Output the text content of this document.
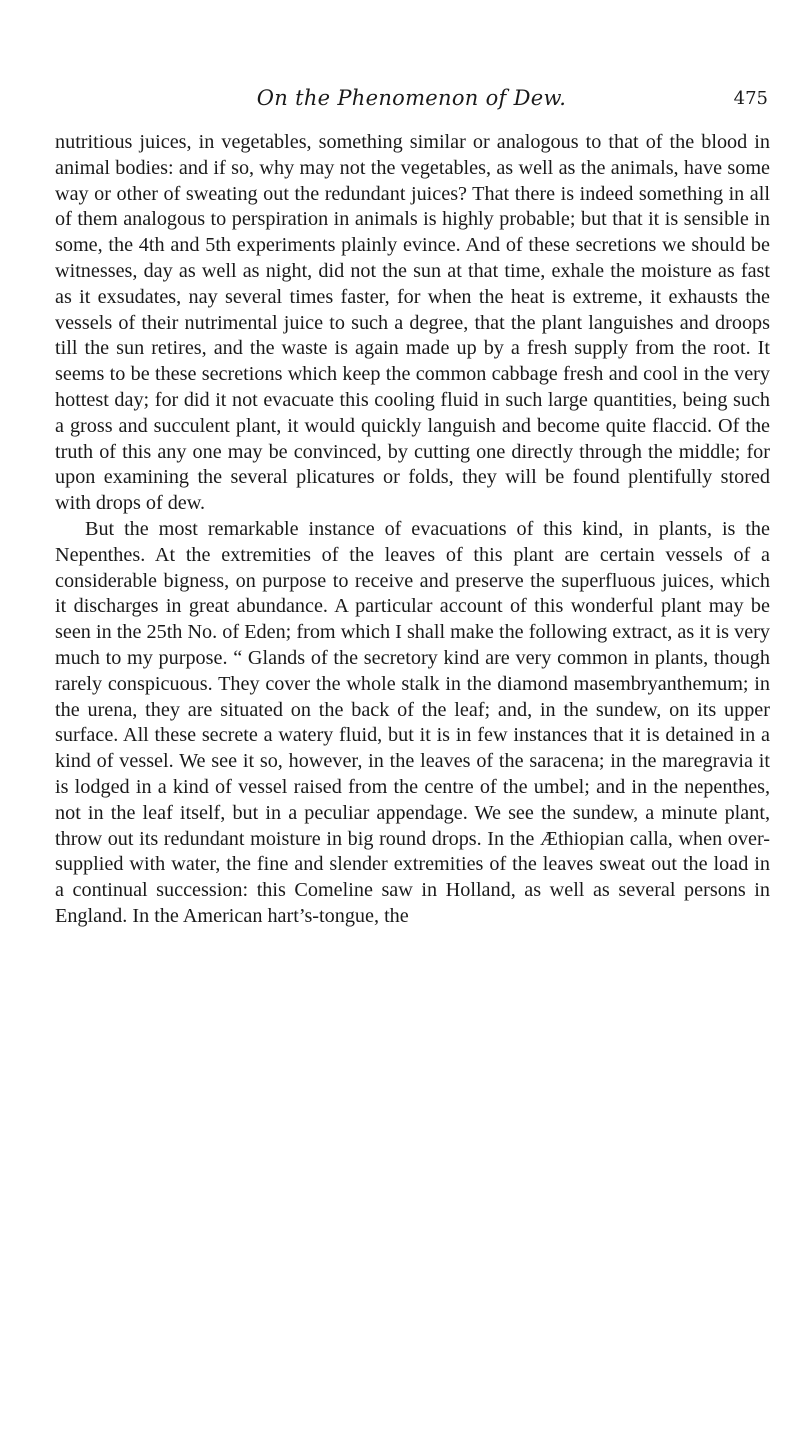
On the Phenomenon of Dew.	475

nutritious juices, in vegetables, something similar or analogous to that of the blood in animal bodies: and if so, why may not the vegetables, as well as the animals, have some way or other of sweating out the redundant juices? That there is indeed something in all of them analogous to perspiration in animals is highly probable; but that it is sensible in some, the 4th and 5th experiments plainly evince. And of these secretions we should be witnesses, day as well as night, did not the sun at that time, exhale the moisture as fast as it exsudates, nay several times faster, for when the heat is extreme, it exhausts the vessels of their nutrimental juice to such a degree, that the plant languishes and droops till the sun retires, and the waste is again made up by a fresh supply from the root. It seems to be these secretions which keep the common cabbage fresh and cool in the very hottest day; for did it not evacuate this cooling fluid in such large quantities, being such a gross and succulent plant, it would quickly languish and become quite flaccid. Of the truth of this any one may be convinced, by cutting one directly through the middle; for upon examining the several plicatures or folds, they will be found plentifully stored with drops of dew.

But the most remarkable instance of evacuations of this kind, in plants, is the Nepenthes. At the extremities of the leaves of this plant are certain vessels of a considerable bigness, on purpose to receive and preserve the superfluous juices, which it discharges in great abundance. A particular account of this wonderful plant may be seen in the 25th No. of Eden; from which I shall make the following extract, as it is very much to my purpose. “ Glands of the secretory kind are very common in plants, though rarely conspicuous. They cover the whole stalk in the diamond masembryanthemum; in the urena, they are situated on the back of the leaf; and, in the sundew, on its upper surface. All these secrete a watery fluid, but it is in few instances that it is detained in a kind of vessel. We see it so, however, in the leaves of the saracena; in the maregravia it is lodged in a kind of vessel raised from the centre of the umbel; and in the nepenthes, not in the leaf itself, but in a peculiar appendage. We see the sundew, a minute plant, throw out its redundant moisture in big round drops. In the Æthiopian calla, when over-supplied with water, the fine and slender extremities of the leaves sweat out the load in a continual succession: this Comeline saw in Holland, as well as several persons in England. In the American hart’s-tongue, the
